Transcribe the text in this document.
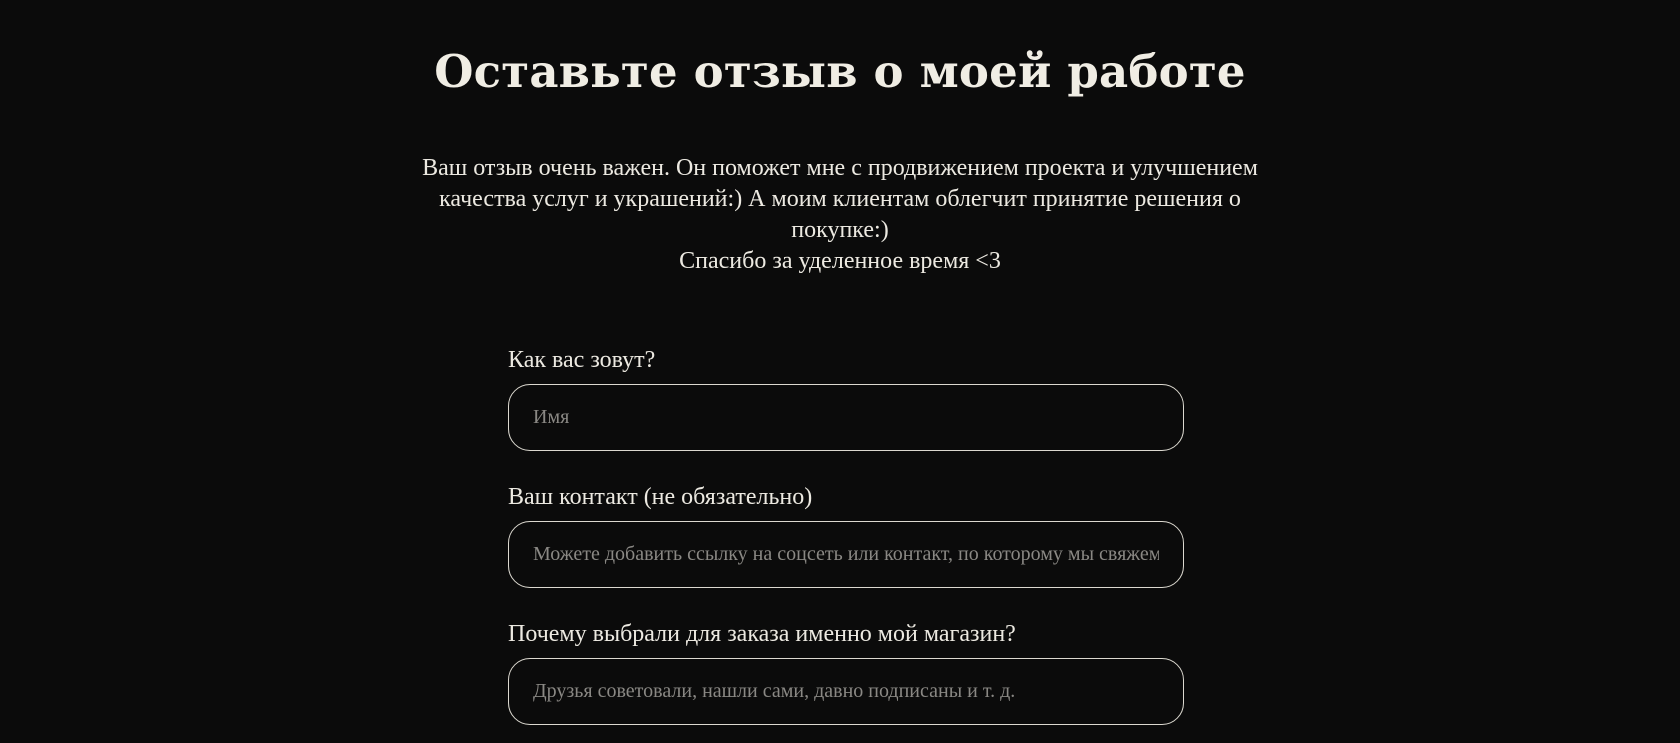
Оставьте отзыв о моей работе

Ваш отзыв очень важен. Он поможет мне с продвижением проекта и улучшением качества услуг и украшений:) А моим клиентам облегчит принятие решения о покупке:)

Спасибо за уделенное время <3

Как вас зовут?
Имя
Ваш контакт (не обязательно)
Можете добавить ссылку на соцсеть или контакт, по которому мы свяжемся
Почему выбрали для заказа именно мой магазин?
Друзья советовали, нашли сами, давно подписаны и т. д.
